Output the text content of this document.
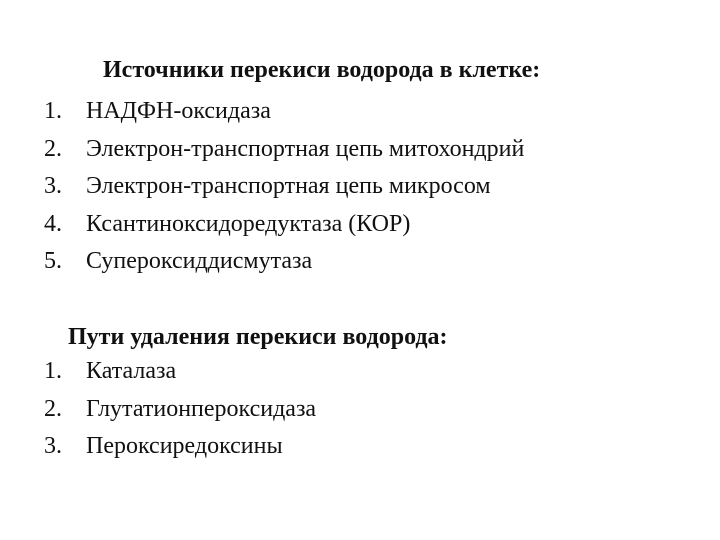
Источники перекиси водорода в клетке:
1. НАДФН-оксидаза
2. Электрон-транспортная цепь митохондрий
3. Электрон-транспортная цепь микросом
4. Ксантиноксидоредуктаза (КОР)
5. Супероксиддисмутаза
Пути удаления перекиси водорода:
1. Каталаза
2. Глутатионпероксидаза
3. Пероксиредоксины
